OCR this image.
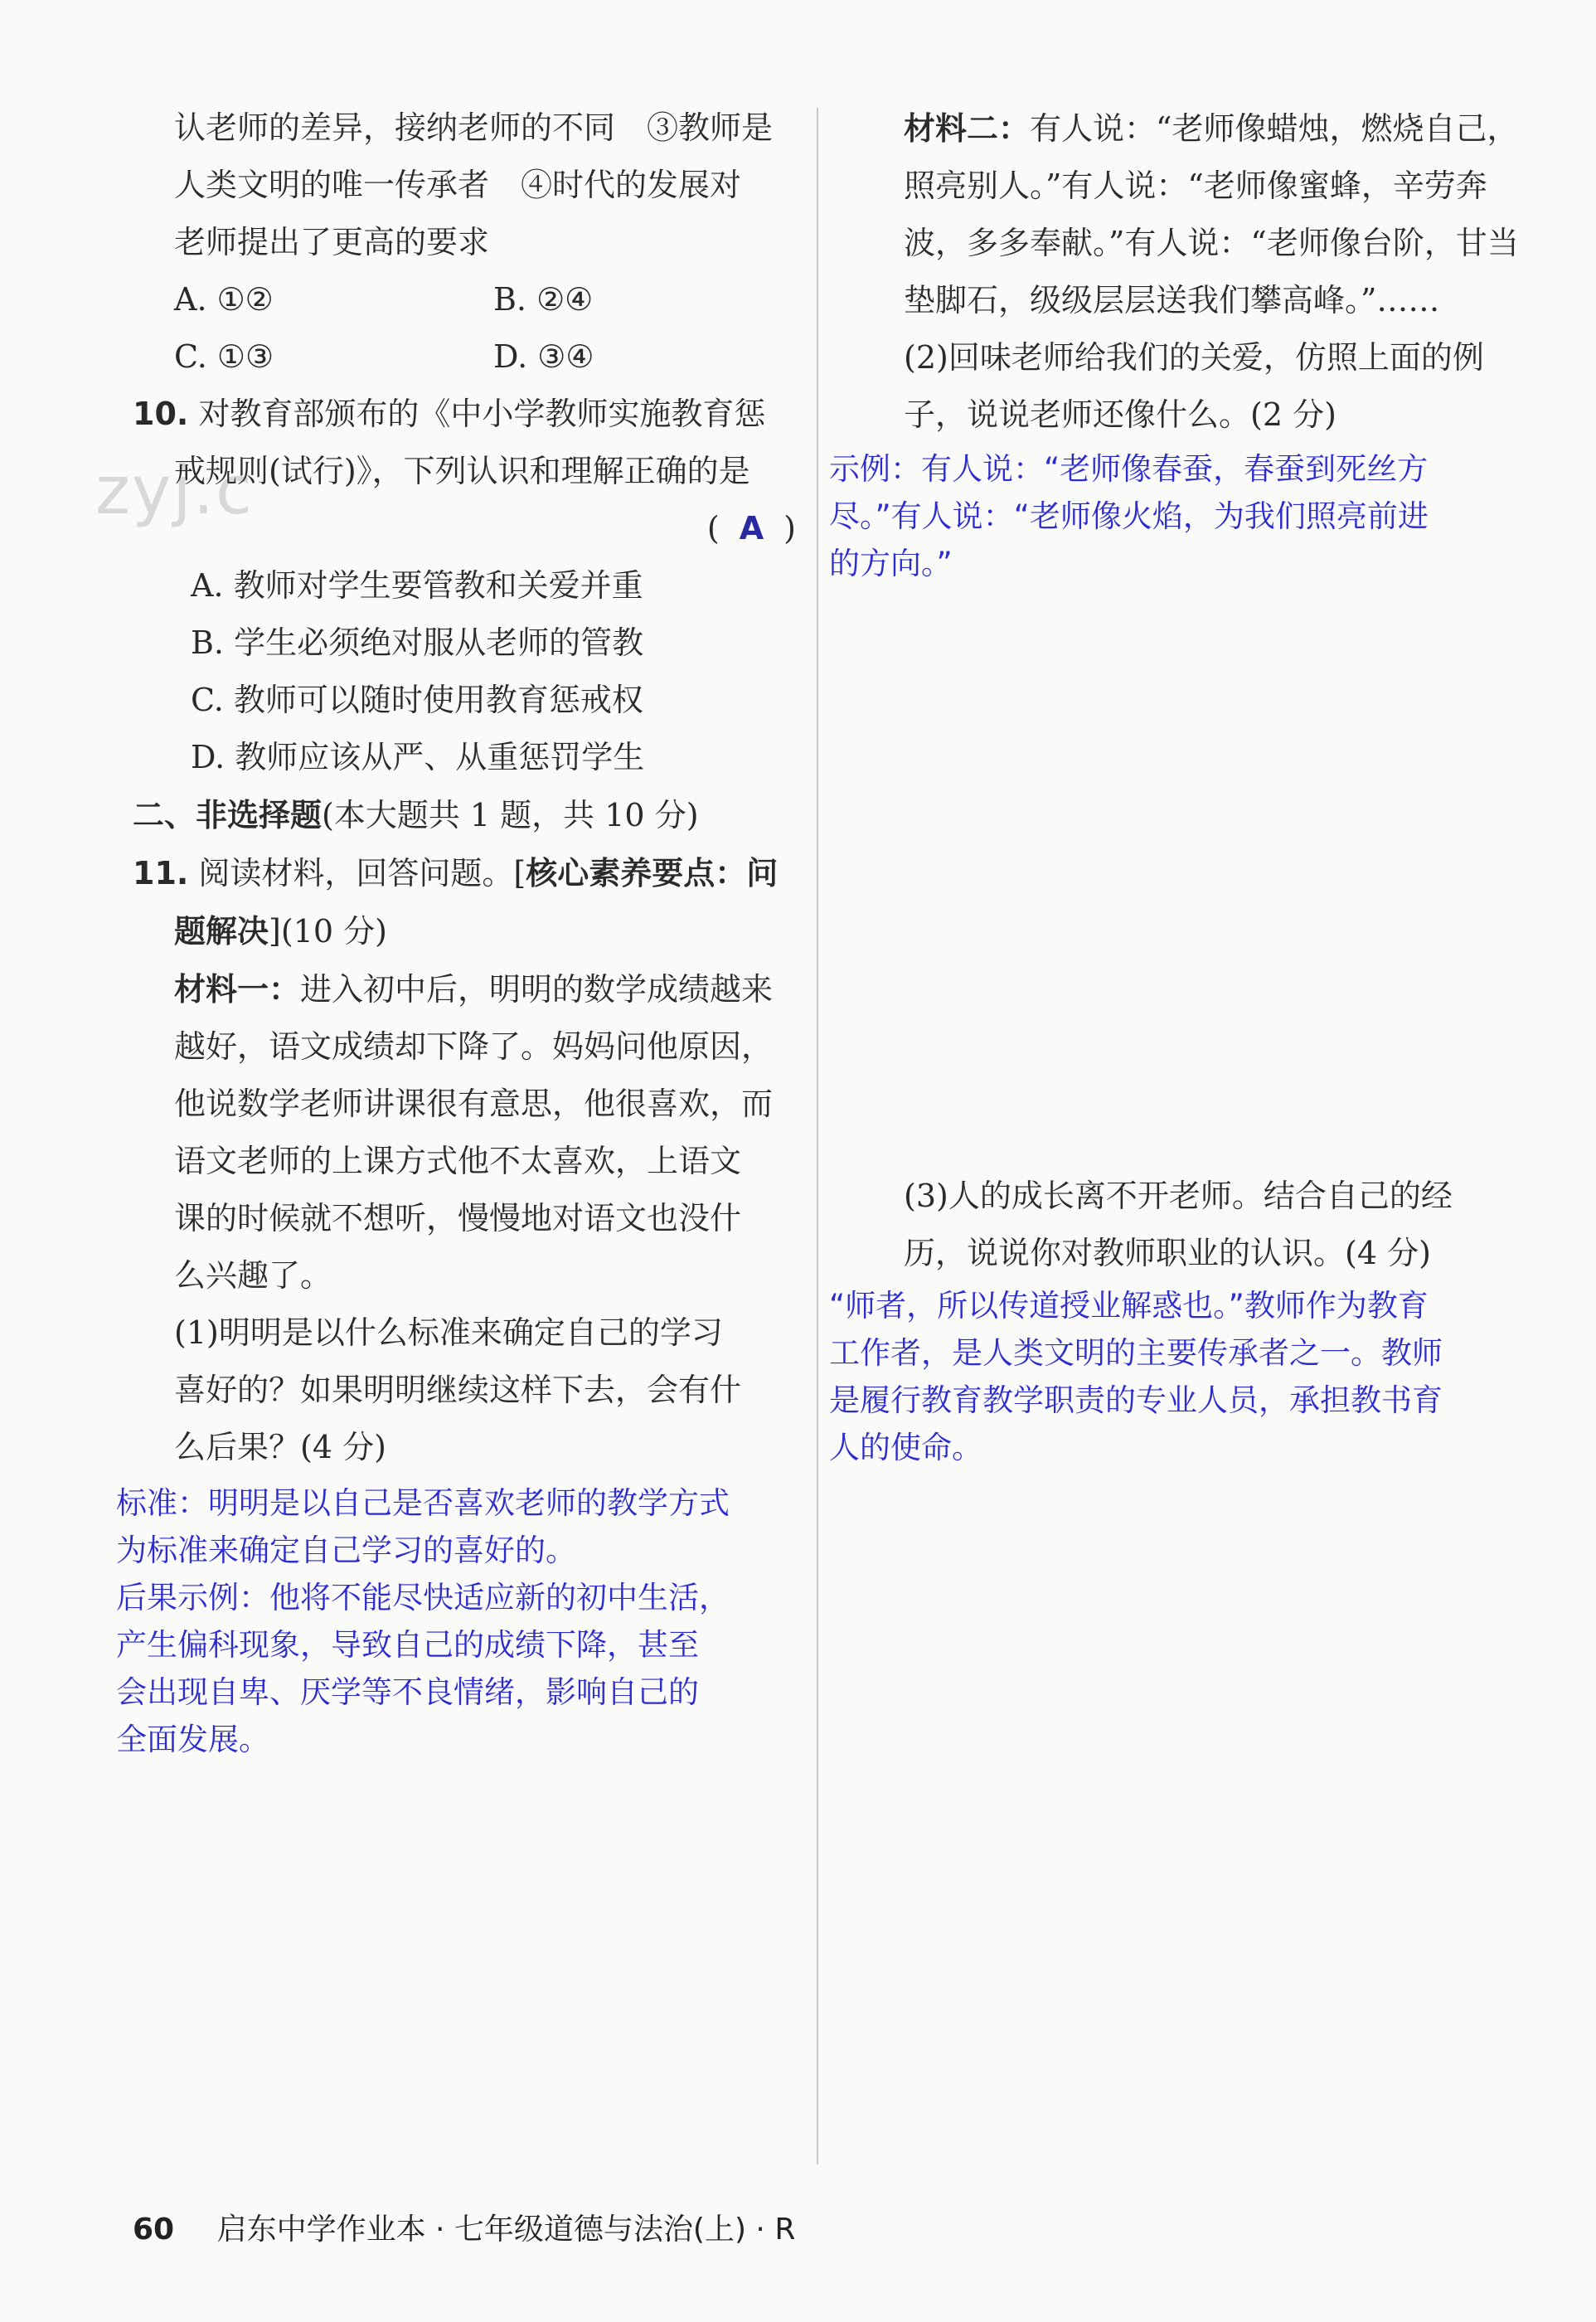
zyj.c
认老师的差异，接纳老师的不同　③教师是
人类文明的唯一传承者　④时代的发展对
老师提出了更高的要求
A. ①②	B. ②④
C. ①③	D. ③④
10. 对教育部颁布的《中小学教师实施教育惩
戒规则(试行)》，下列认识和理解正确的是
( A )
A. 教师对学生要管教和关爱并重
B. 学生必须绝对服从老师的管教
C. 教师可以随时使用教育惩戒权
D. 教师应该从严、从重惩罚学生
二、非选择题(本大题共 1 题，共 10 分)
11. 阅读材料，回答问题。[核心素养要点：问
题解决](10 分)
材料一：进入初中后，明明的数学成绩越来
越好，语文成绩却下降了。妈妈问他原因，
他说数学老师讲课很有意思，他很喜欢，而
语文老师的上课方式他不太喜欢，上语文
课的时候就不想听，慢慢地对语文也没什
么兴趣了。
(1)明明是以什么标准来确定自己的学习
喜好的？如果明明继续这样下去，会有什
么后果？(4 分)
标准：明明是以自己是否喜欢老师的教学方式
为标准来确定自己学习的喜好的。
后果示例：他将不能尽快适应新的初中生活，
产生偏科现象，导致自己的成绩下降，甚至
会出现自卑、厌学等不良情绪，影响自己的
全面发展。
材料二：有人说：“老师像蜡烛，燃烧自己，
照亮别人。”有人说：“老师像蜜蜂，辛劳奔
波，多多奉献。”有人说：“老师像台阶，甘当
垫脚石，级级层层送我们攀高峰。”……
(2)回味老师给我们的关爱，仿照上面的例
子，说说老师还像什么。(2 分)
示例：有人说：“老师像春蚕，春蚕到死丝方
尽。”有人说：“老师像火焰，为我们照亮前进
的方向。”
(3)人的成长离不开老师。结合自己的经
历，说说你对教师职业的认识。(4 分)
“师者，所以传道授业解惑也。”教师作为教育
工作者，是人类文明的主要传承者之一。教师
是履行教育教学职责的专业人员，承担教书育
人的使命。
60 启东中学作业本 · 七年级道德与法治(上) · R
